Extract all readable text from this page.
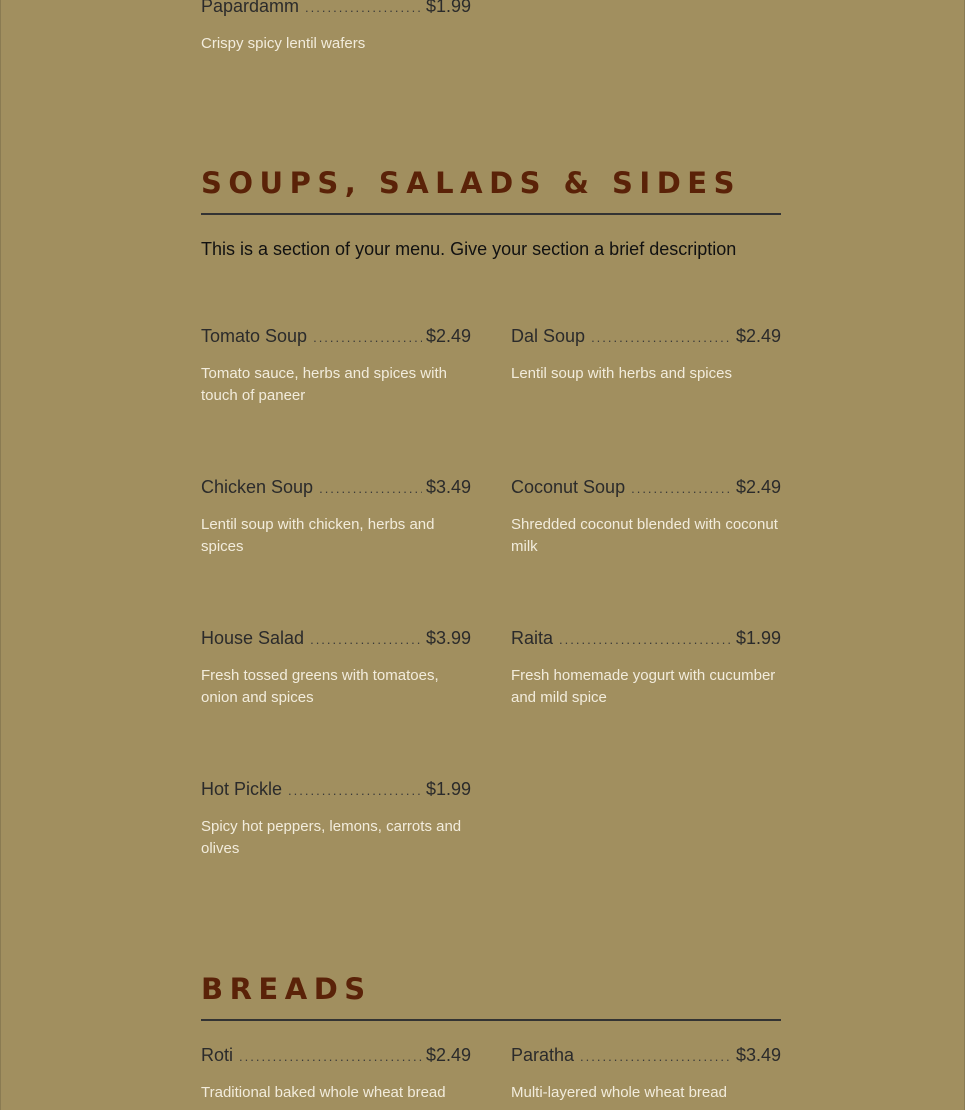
Papardamm .....	$1.99
Crispy spicy lentil wafers
SOUPS, SALADS & SIDES
This is a section of your menu. Give your section a brief description
Tomato Soup .....	$2.49
Tomato sauce, herbs and spices with touch of paneer
Dal Soup .....	$2.49
Lentil soup with herbs and spices
Chicken Soup .....	$3.49
Lentil soup with chicken, herbs and spices
Coconut Soup .....	$2.49
Shredded coconut blended with coconut milk
House Salad .....	$3.99
Fresh tossed greens with tomatoes, onion and spices
Raita .....	$1.99
Fresh homemade yogurt with cucumber and mild spice
Hot Pickle .....	$1.99
Spicy hot peppers, lemons, carrots and olives
BREADS
Roti .....	$2.49
Traditional baked whole wheat bread
Paratha .....	$3.49
Multi-layered whole wheat bread
